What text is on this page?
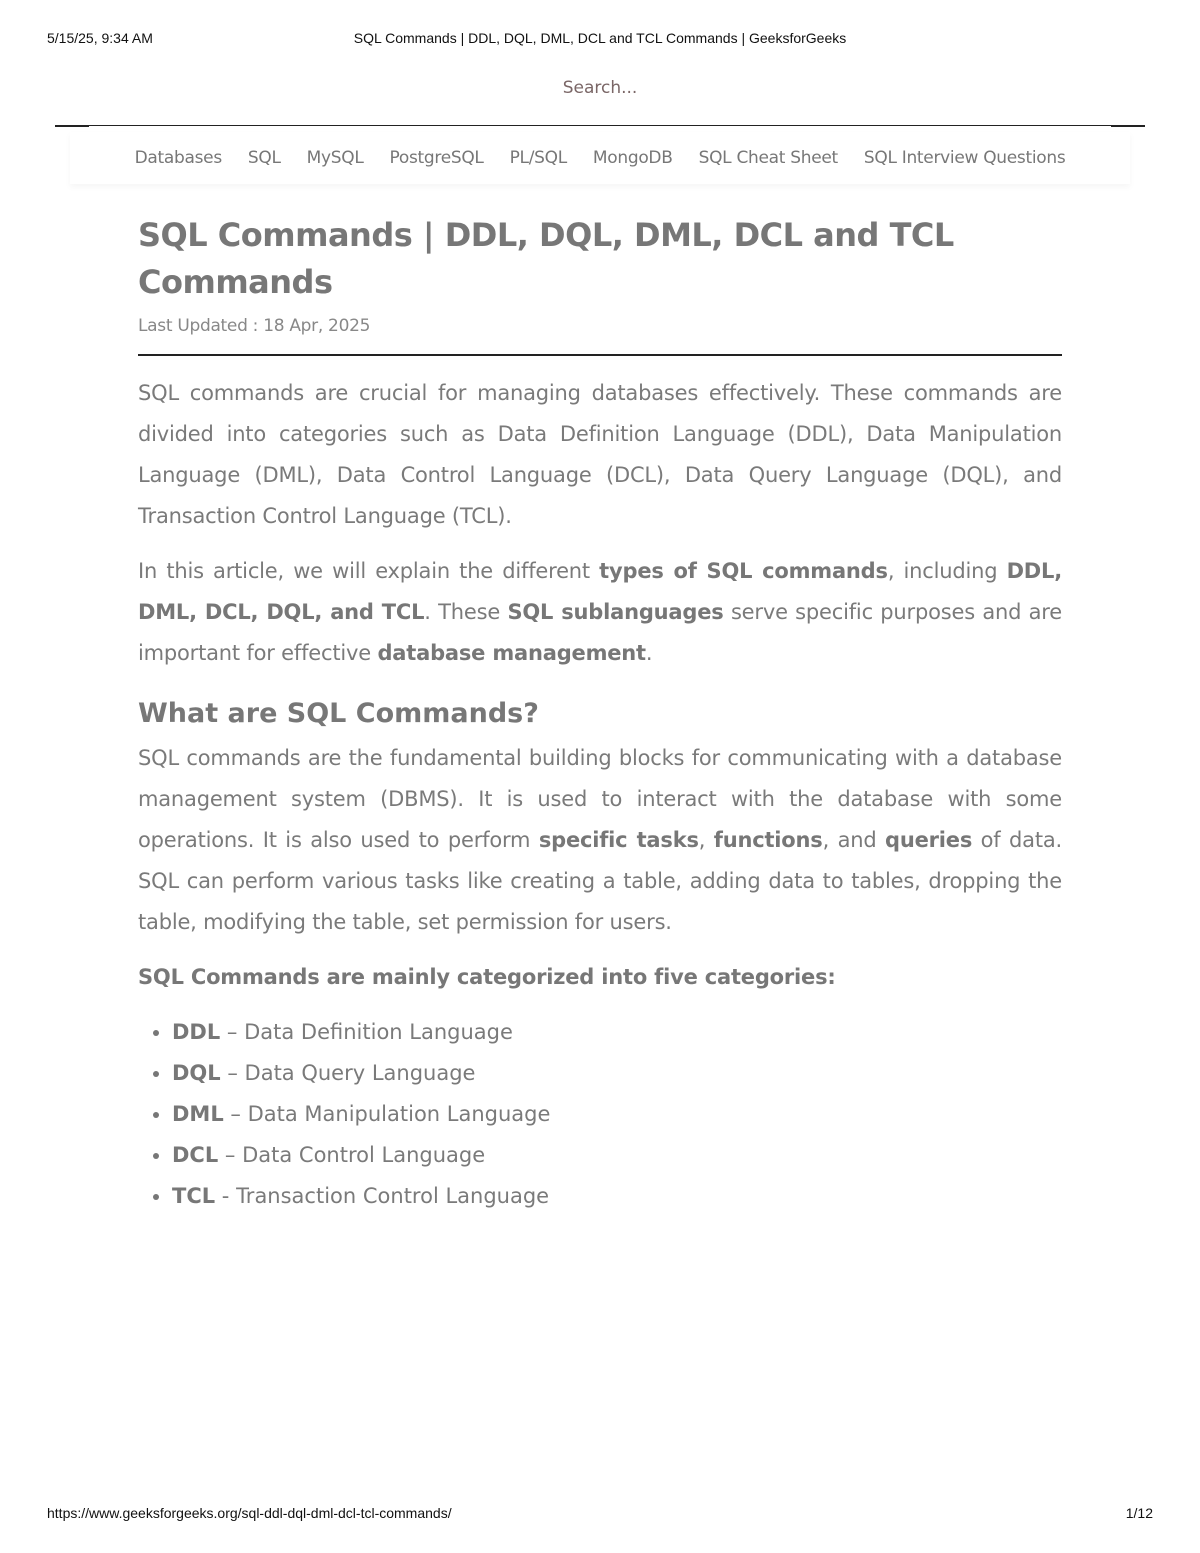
5/15/25, 9:34 AM	SQL Commands | DDL, DQL, DML, DCL and TCL Commands | GeeksforGeeks
Search...
Databases SQL MySQL PostgreSQL PL/SQL MongoDB SQL Cheat Sheet SQL Interview Questions
SQL Commands | DDL, DQL, DML, DCL and TCL Commands
Last Updated : 18 Apr, 2025

SQL commands are crucial for managing databases effectively. These commands are divided into categories such as Data Definition Language (DDL), Data Manipulation Language (DML), Data Control Language (DCL), Data Query Language (DQL), and Transaction Control Language (TCL).

In this article, we will explain the different types of SQL commands, including DDL, DML, DCL, DQL, and TCL. These SQL sublanguages serve specific purposes and are important for effective database management.

What are SQL Commands?

SQL commands are the fundamental building blocks for communicating with a database management system (DBMS). It is used to interact with the database with some operations. It is also used to perform specific tasks, functions, and queries of data. SQL can perform various tasks like creating a table, adding data to tables, dropping the table, modifying the table, set permission for users.

SQL Commands are mainly categorized into five categories:

• DDL – Data Definition Language
• DQL – Data Query Language
• DML – Data Manipulation Language
• DCL – Data Control Language
• TCL - Transaction Control Language
https://www.geeksforgeeks.org/sql-ddl-dql-dml-dcl-tcl-commands/	1/12
